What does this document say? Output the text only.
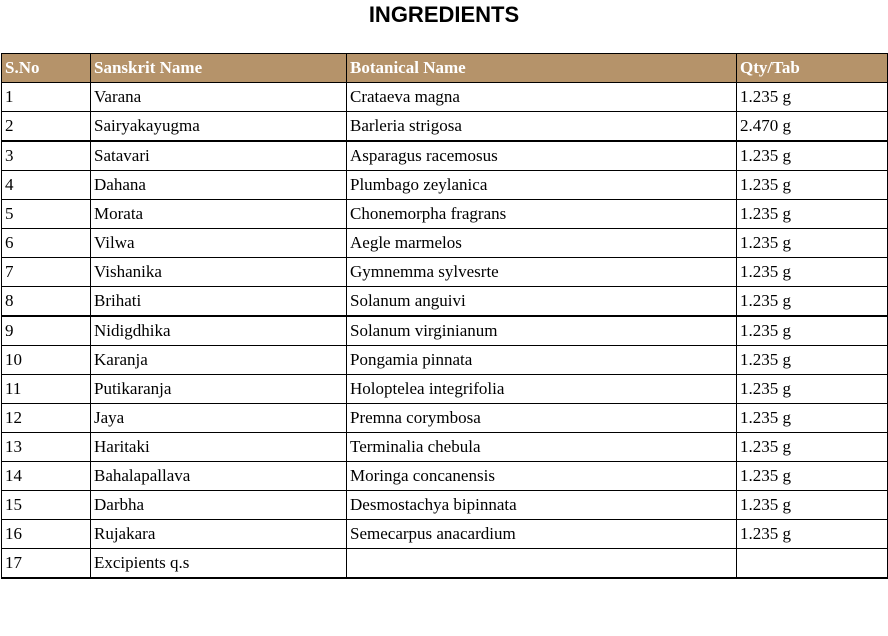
INGREDIENTS
S.No	Sanskrit Name	Botanical Name	Qty/Tab
1	Varana	Crataeva magna	1.235 g
2	Sairyakayugma	Barleria strigosa	2.470 g
3	Satavari	Asparagus racemosus	1.235 g
4	Dahana	Plumbago zeylanica	1.235 g
5	Morata	Chonemorpha fragrans	1.235 g
6	Vilwa	Aegle marmelos	1.235 g
7	Vishanika	Gymnemma sylvesrte	1.235 g
8	Brihati	Solanum anguivi	1.235 g
9	Nidigdhika	Solanum virginianum	1.235 g
10	Karanja	Pongamia pinnata	1.235 g
11	Putikaranja	Holoptelea integrifolia	1.235 g
12	Jaya	Premna corymbosa	1.235 g
13	Haritaki	Terminalia chebula	1.235 g
14	Bahalapallava	Moringa concanensis	1.235 g
15	Darbha	Desmostachya bipinnata	1.235 g
16	Rujakara	Semecarpus anacardium	1.235 g
17	Excipients q.s		
